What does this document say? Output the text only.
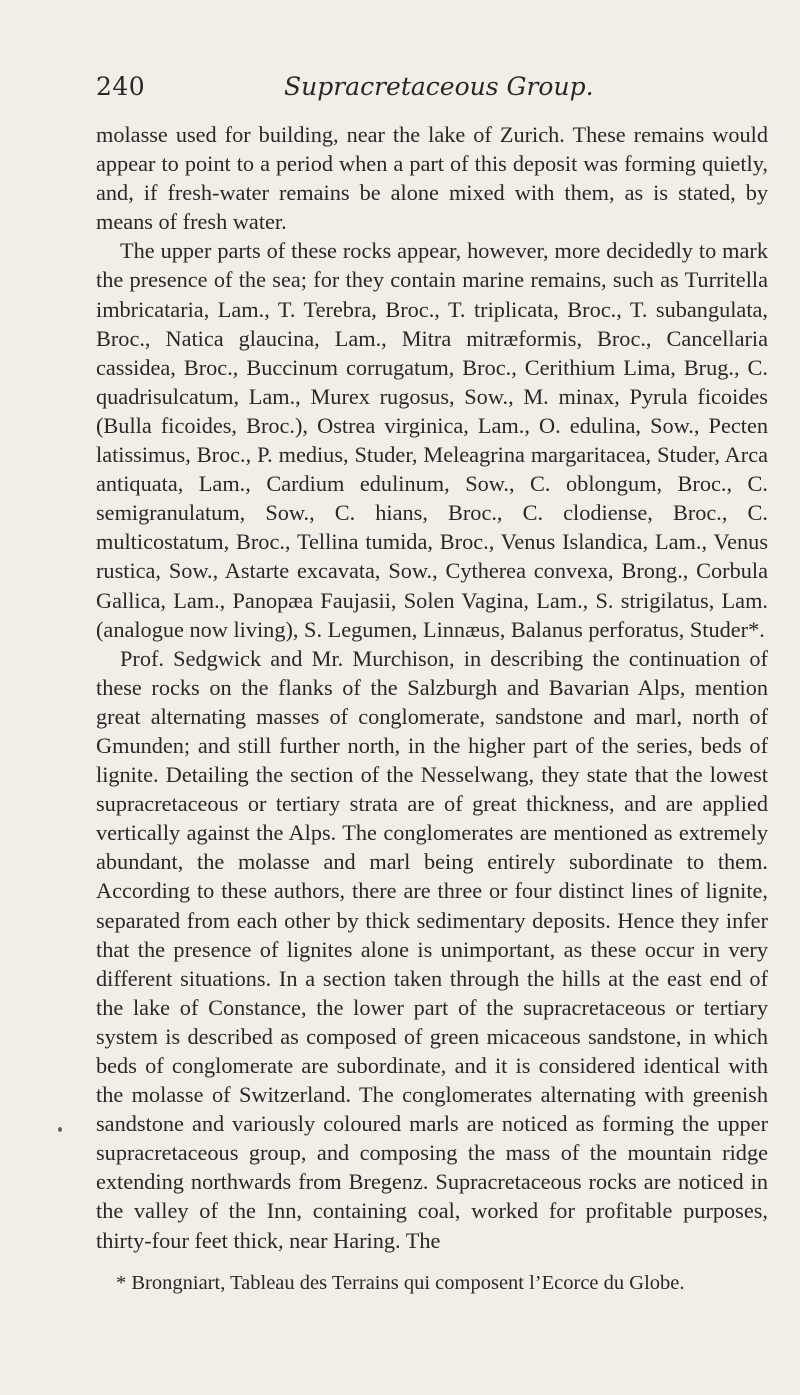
240	Supracretaceous Group.

molasse used for building, near the lake of Zurich. These remains would appear to point to a period when a part of this deposit was forming quietly, and, if fresh-water remains be alone mixed with them, as is stated, by means of fresh water.

The upper parts of these rocks appear, however, more decidedly to mark the presence of the sea; for they contain marine remains, such as Turritella imbricataria, Lam., T. Terebra, Broc., T. triplicata, Broc., T. subangulata, Broc., Natica glaucina, Lam., Mitra mitræformis, Broc., Cancellaria cassidea, Broc., Buccinum corrugatum, Broc., Cerithium Lima, Brug., C. quadrisulcatum, Lam., Murex rugosus, Sow., M. minax, Pyrula ficoides (Bulla ficoides, Broc.), Ostrea virginica, Lam., O. edulina, Sow., Pecten latissimus, Broc., P. medius, Studer, Meleagrina margaritacea, Studer, Arca antiquata, Lam., Cardium edulinum, Sow., C. oblongum, Broc., C. semigranulatum, Sow., C. hians, Broc., C. clodiense, Broc., C. multicostatum, Broc., Tellina tumida, Broc., Venus Islandica, Lam., Venus rustica, Sow., Astarte excavata, Sow., Cytherea convexa, Brong., Corbula Gallica, Lam., Panopæa Faujasii, Solen Vagina, Lam., S. strigilatus, Lam. (analogue now living), S. Legumen, Linnæus, Balanus perforatus, Studer*.

Prof. Sedgwick and Mr. Murchison, in describing the continuation of these rocks on the flanks of the Salzburgh and Bavarian Alps, mention great alternating masses of conglomerate, sandstone and marl, north of Gmunden; and still further north, in the higher part of the series, beds of lignite. Detailing the section of the Nesselwang, they state that the lowest supracretaceous or tertiary strata are of great thickness, and are applied vertically against the Alps. The conglomerates are mentioned as extremely abundant, the molasse and marl being entirely subordinate to them. According to these authors, there are three or four distinct lines of lignite, separated from each other by thick sedimentary deposits. Hence they infer that the presence of lignites alone is unimportant, as these occur in very different situations. In a section taken through the hills at the east end of the lake of Constance, the lower part of the supracretaceous or tertiary system is described as composed of green micaceous sandstone, in which beds of conglomerate are subordinate, and it is considered identical with the molasse of Switzerland. The conglomerates alternating with greenish sandstone and variously coloured marls are noticed as forming the upper supracretaceous group, and composing the mass of the mountain ridge extending northwards from Bregenz. Supracretaceous rocks are noticed in the valley of the Inn, containing coal, worked for profitable purposes, thirty-four feet thick, near Haring. The

* Brongniart, Tableau des Terrains qui composent l’Ecorce du Globe.
